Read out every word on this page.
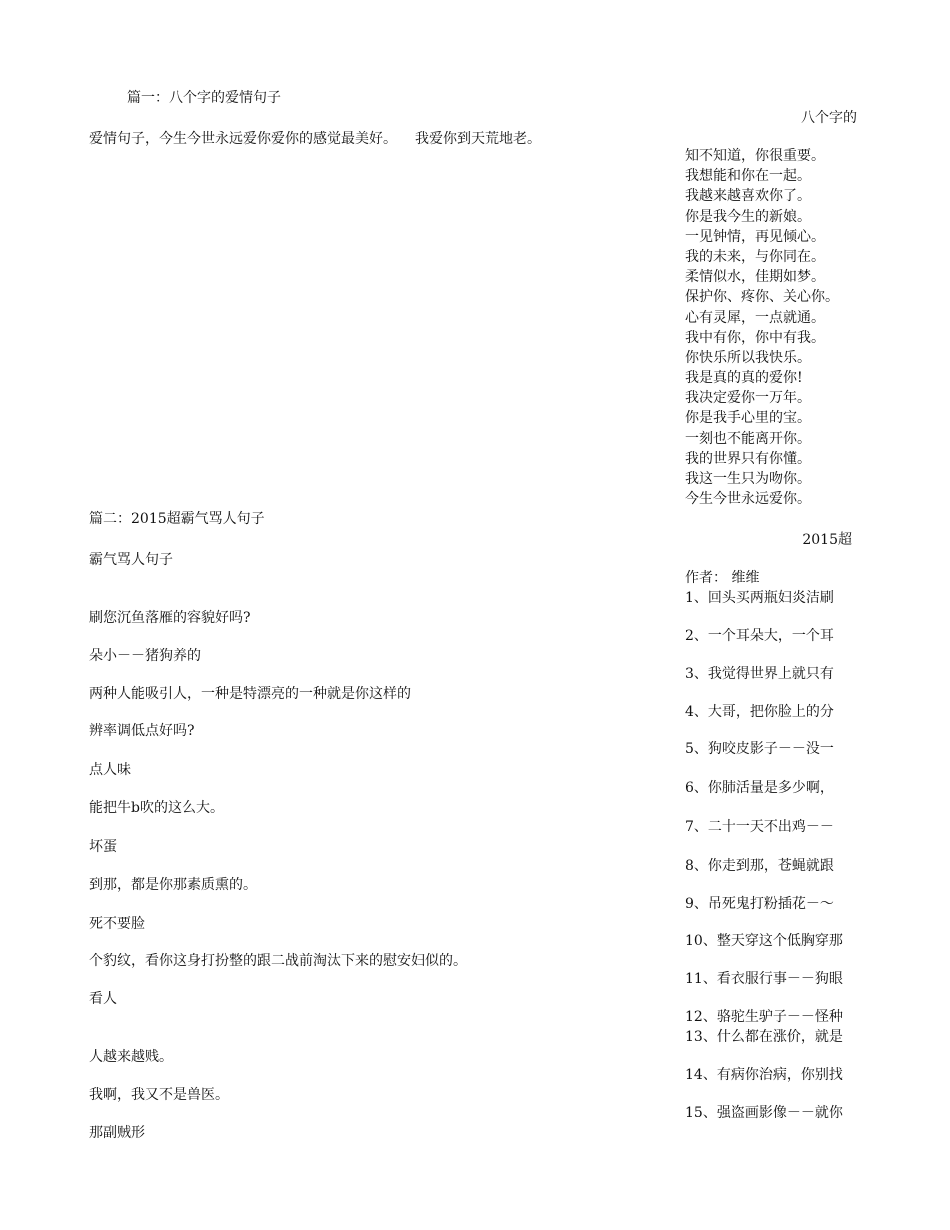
篇一：八个字的爱情句子
八个字的
爱情句子，今生今世永远爱你爱你的感觉最美好。 我爱你到天荒地老。
知不知道，你很重要。
我想能和你在一起。
我越来越喜欢你了。
你是我今生的新娘。
一见钟情，再见倾心。
我的未来，与你同在。
柔情似水，佳期如梦。
保护你、疼你、关心你。
心有灵犀，一点就通。
我中有你，你中有我。
你快乐所以我快乐。
我是真的真的爱你!
我决定爱你一万年。
你是我手心里的宝。
一刻也不能离开你。
我的世界只有你懂。
我这一生只为吻你。
今生今世永远爱你。
篇二：2015超霸气骂人句子
2015超
霸气骂人句子
作者： 维维
刷您沉鱼落雁的容貌好吗?
朵小－－猪狗养的
两种人能吸引人，一种是特漂亮的一种就是你这样的
辨率调低点好吗?
点人味
能把牛b吹的这么大。
坏蛋
到那，都是你那素质熏的。
死不要脸
个豹纹，看你这身打扮整的跟二战前淘汰下来的慰安妇似的。
看人
人越来越贱。
我啊，我又不是兽医。
那副贼形
1、回头买两瓶妇炎洁刷
2、一个耳朵大，一个耳
3、我觉得世界上就只有
4、大哥，把你脸上的分
5、狗咬皮影子－－没一
6、你肺活量是多少啊，
7、二十一天不出鸡－－
8、你走到那，苍蝇就跟
9、吊死鬼打粉插花－～
10、整天穿这个低胸穿那
11、看衣服行事－－狗眼
12、骆驼生驴子－－怪种
13、什么都在涨价，就是
14、有病你治病，你别找
15、强盗画影像－－就你
